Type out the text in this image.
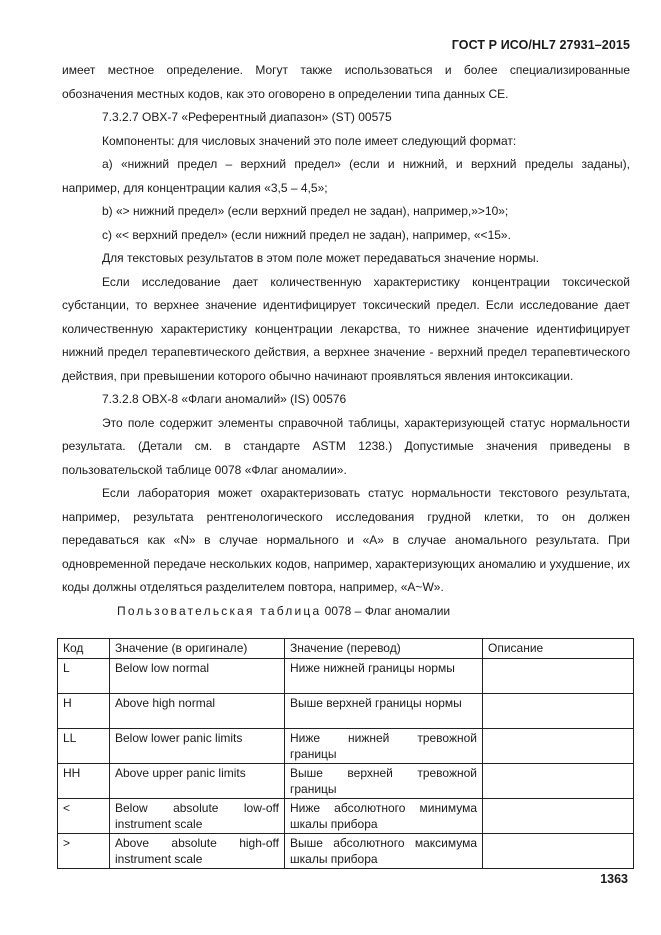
ГОСТ Р ИСО/HL7 27931–2015

имеет местное определение. Могут также использоваться и более специализированные обозначения местных кодов, как это оговорено в определении типа данных CE.

7.3.2.7 OBX-7 «Референтный диапазон» (ST) 00575

Компоненты: для числовых значений это поле имеет следующий формат:

а) «нижний предел – верхний предел» (если и нижний, и верхний пределы заданы), например, для концентрации калия «3,5 – 4,5»;

b) «> нижний предел» (если верхний предел не задан), например,»>10»;

с) «< верхний предел» (если нижний предел не задан), например, «<15».

Для текстовых результатов в этом поле может передаваться значение нормы.

Если исследование дает количественную характеристику концентрации токсической субстанции, то верхнее значение идентифицирует токсический предел. Если исследование дает количественную характеристику концентрации лекарства, то нижнее значение идентифицирует нижний предел терапевтического действия, а верхнее значение - верхний предел терапевтического действия, при превышении которого обычно начинают проявляться явления интоксикации.

7.3.2.8 OBX-8 «Флаги аномалий» (IS) 00576

Это поле содержит элементы справочной таблицы, характеризующей статус нормальности результата. (Детали см. в стандарте ASTM 1238.) Допустимые значения приведены в пользовательской таблице 0078 «Флаг аномалии».

Если лаборатория может охарактеризовать статус нормальности текстового результата, например, результата рентгенологического исследования грудной клетки, то он должен передаваться как «N» в случае нормального и «A» в случае аномального результата. При одновременной передаче нескольких кодов, например, характеризующих аномалию и ухудшение, их коды должны отделяться разделителем повтора, например, «A~W».

Пользовательская таблица 0078 – Флаг аномалии

Код	Значение (в оригинале)	Значение (перевод)	Описание
L	Below low normal	Ниже нижней границы нормы	
H	Above high normal	Выше верхней границы нормы	
LL	Below lower panic limits	Ниже нижней тревожной границы	
HH	Above upper panic limits	Выше верхней тревожной границы	
<	Below absolute low-off instrument scale	Ниже абсолютного минимума шкалы прибора	
>	Above absolute high-off instrument scale	Выше абсолютного максимума шкалы прибора	
1363
